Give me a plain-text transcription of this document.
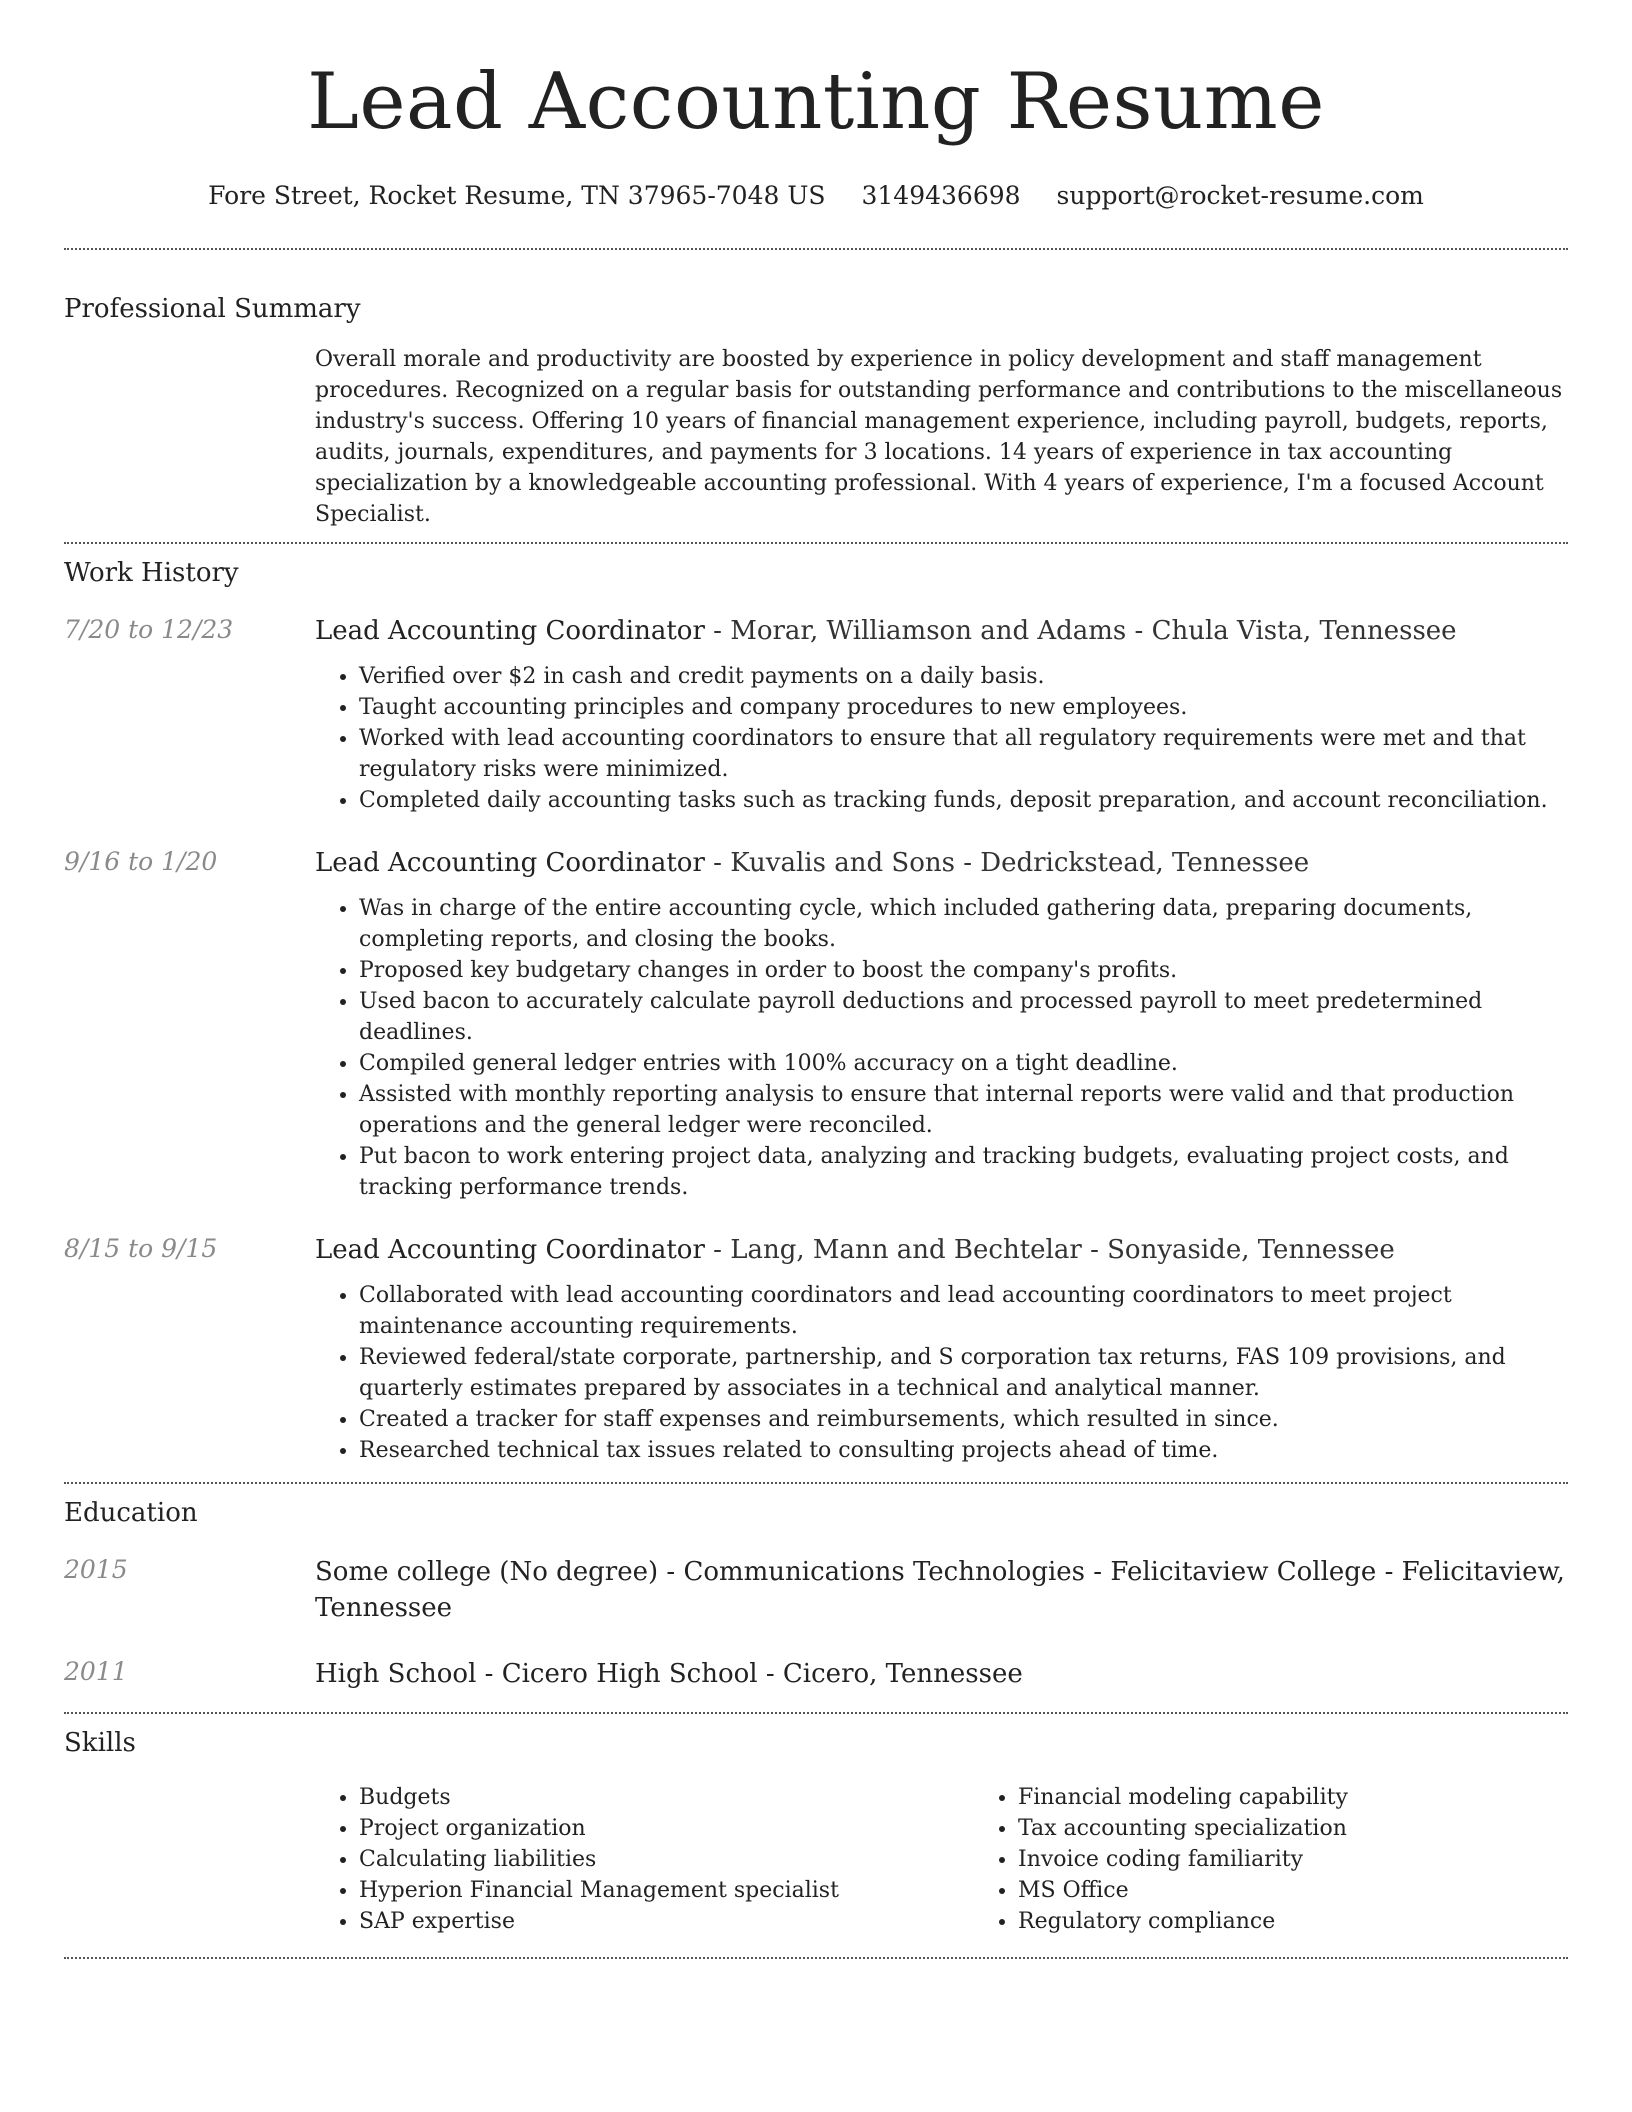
Lead Accounting Resume
Fore Street, Rocket Resume, TN 37965-7048 US 3149436698 support@rocket-resume.com
Professional Summary
Overall morale and productivity are boosted by experience in policy development and staff management procedures. Recognized on a regular basis for outstanding performance and contributions to the miscellaneous industry's success. Offering 10 years of financial management experience, including payroll, budgets, reports, audits, journals, expenditures, and payments for 3 locations. 14 years of experience in tax accounting specialization by a knowledgeable accounting professional. With 4 years of experience, I'm a focused Account Specialist.
Work History
7/20 to 12/23	Lead Accounting Coordinator - Morar, Williamson and Adams - Chula Vista, Tennessee
• Verified over $2 in cash and credit payments on a daily basis.
• Taught accounting principles and company procedures to new employees.
• Worked with lead accounting coordinators to ensure that all regulatory requirements were met and that regulatory risks were minimized.
• Completed daily accounting tasks such as tracking funds, deposit preparation, and account reconciliation.
9/16 to 1/20	Lead Accounting Coordinator - Kuvalis and Sons - Dedrickstead, Tennessee
• Was in charge of the entire accounting cycle, which included gathering data, preparing documents, completing reports, and closing the books.
• Proposed key budgetary changes in order to boost the company's profits.
• Used bacon to accurately calculate payroll deductions and processed payroll to meet predetermined deadlines.
• Compiled general ledger entries with 100% accuracy on a tight deadline.
• Assisted with monthly reporting analysis to ensure that internal reports were valid and that production operations and the general ledger were reconciled.
• Put bacon to work entering project data, analyzing and tracking budgets, evaluating project costs, and tracking performance trends.
8/15 to 9/15	Lead Accounting Coordinator - Lang, Mann and Bechtelar - Sonyaside, Tennessee
• Collaborated with lead accounting coordinators and lead accounting coordinators to meet project maintenance accounting requirements.
• Reviewed federal/state corporate, partnership, and S corporation tax returns, FAS 109 provisions, and quarterly estimates prepared by associates in a technical and analytical manner.
• Created a tracker for staff expenses and reimbursements, which resulted in since.
• Researched technical tax issues related to consulting projects ahead of time.
Education
2015	Some college (No degree) - Communications Technologies - Felicitaview College - Felicitaview, Tennessee
2011	High School - Cicero High School - Cicero, Tennessee
Skills
• Budgets
• Project organization
• Calculating liabilities
• Hyperion Financial Management specialist
• SAP expertise
• Financial modeling capability
• Tax accounting specialization
• Invoice coding familiarity
• MS Office
• Regulatory compliance
